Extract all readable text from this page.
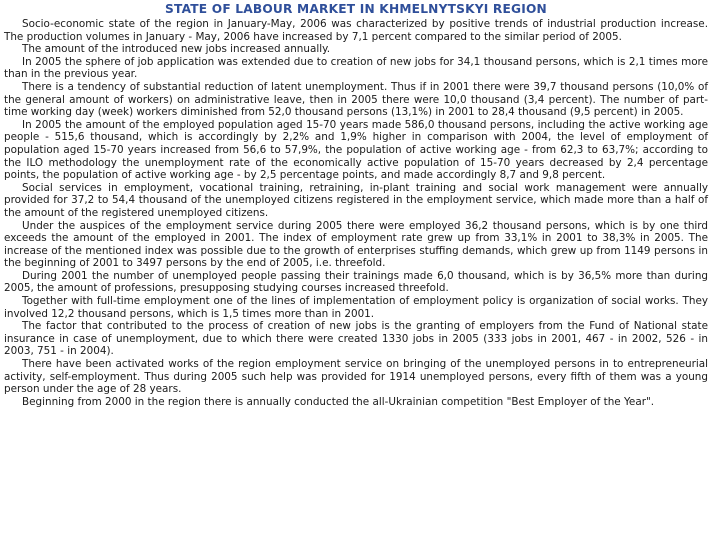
STATE OF LABOUR MARKET IN KHMELNYTSKYI REGION

Socio-economic state of the region in January-May, 2006 was characterized by positive trends of industrial production increase. The production volumes in January - May, 2006 have increased by 7,1 percent compared to the similar period of 2005.

The amount of the introduced new jobs increased annually.

In 2005 the sphere of job application was extended due to creation of new jobs for 34,1 thousand persons, which is 2,1 times more than in the previous year.

There is a tendency of substantial reduction of latent unemployment. Thus if in 2001 there were 39,7 thousand persons (10,0% of the general amount of workers) on administrative leave, then in 2005 there were 10,0 thousand (3,4 percent). The number of part-time working day (week) workers diminished from 52,0 thousand persons (13,1%) in 2001 to 28,4 thousand (9,5 percent) in 2005.

In 2005 the amount of the employed population aged 15-70 years made 586,0 thousand persons, including the active working age people - 515,6 thousand, which is accordingly by 2,2% and 1,9% higher in comparison with 2004, the level of employment of population aged 15-70 years increased from 56,6 to 57,9%, the population of active working age - from 62,3 to 63,7%; according to the ILO methodology the unemployment rate of the economically active population of 15-70 years decreased by 2,4 percentage points, the population of active working age - by 2,5 percentage points, and made accordingly 8,7 and 9,8 percent.

Social services in employment, vocational training, retraining, in-plant training and social work management were annually provided for 37,2 to 54,4 thousand of the unemployed citizens registered in the employment service, which made more than a half of the amount of the registered unemployed citizens.

Under the auspices of the employment service during 2005 there were employed 36,2 thousand persons, which is by one third exceeds the amount of the employed in 2001. The index of employment rate grew up from 33,1% in 2001 to 38,3% in 2005. The increase of the mentioned index was possible due to the growth of enterprises stuffing demands, which grew up from 1149 persons in the beginning of 2001 to 3497 persons by the end of 2005, i.e. threefold.

During 2001 the number of unemployed people passing their trainings made 6,0 thousand, which is by 36,5% more than during 2005, the amount of professions, presupposing studying courses increased threefold.

Together with full-time employment one of the lines of implementation of employment policy is organization of social works. They involved 12,2 thousand persons, which is 1,5 times more than in 2001.

The factor that contributed to the process of creation of new jobs is the granting of employers from the Fund of National state insurance in case of unemployment, due to which there were created 1330 jobs in 2005 (333 jobs in 2001, 467 - in 2002, 526 - in 2003, 751 - in 2004).

There have been activated works of the region employment service on bringing of the unemployed persons in to entrepreneurial activity, self-employment. Thus during 2005 such help was provided for 1914 unemployed persons, every fifth of them was a young person under the age of 28 years.

Beginning from 2000 in the region there is annually conducted the all-Ukrainian competition "Best Employer of the Year".
